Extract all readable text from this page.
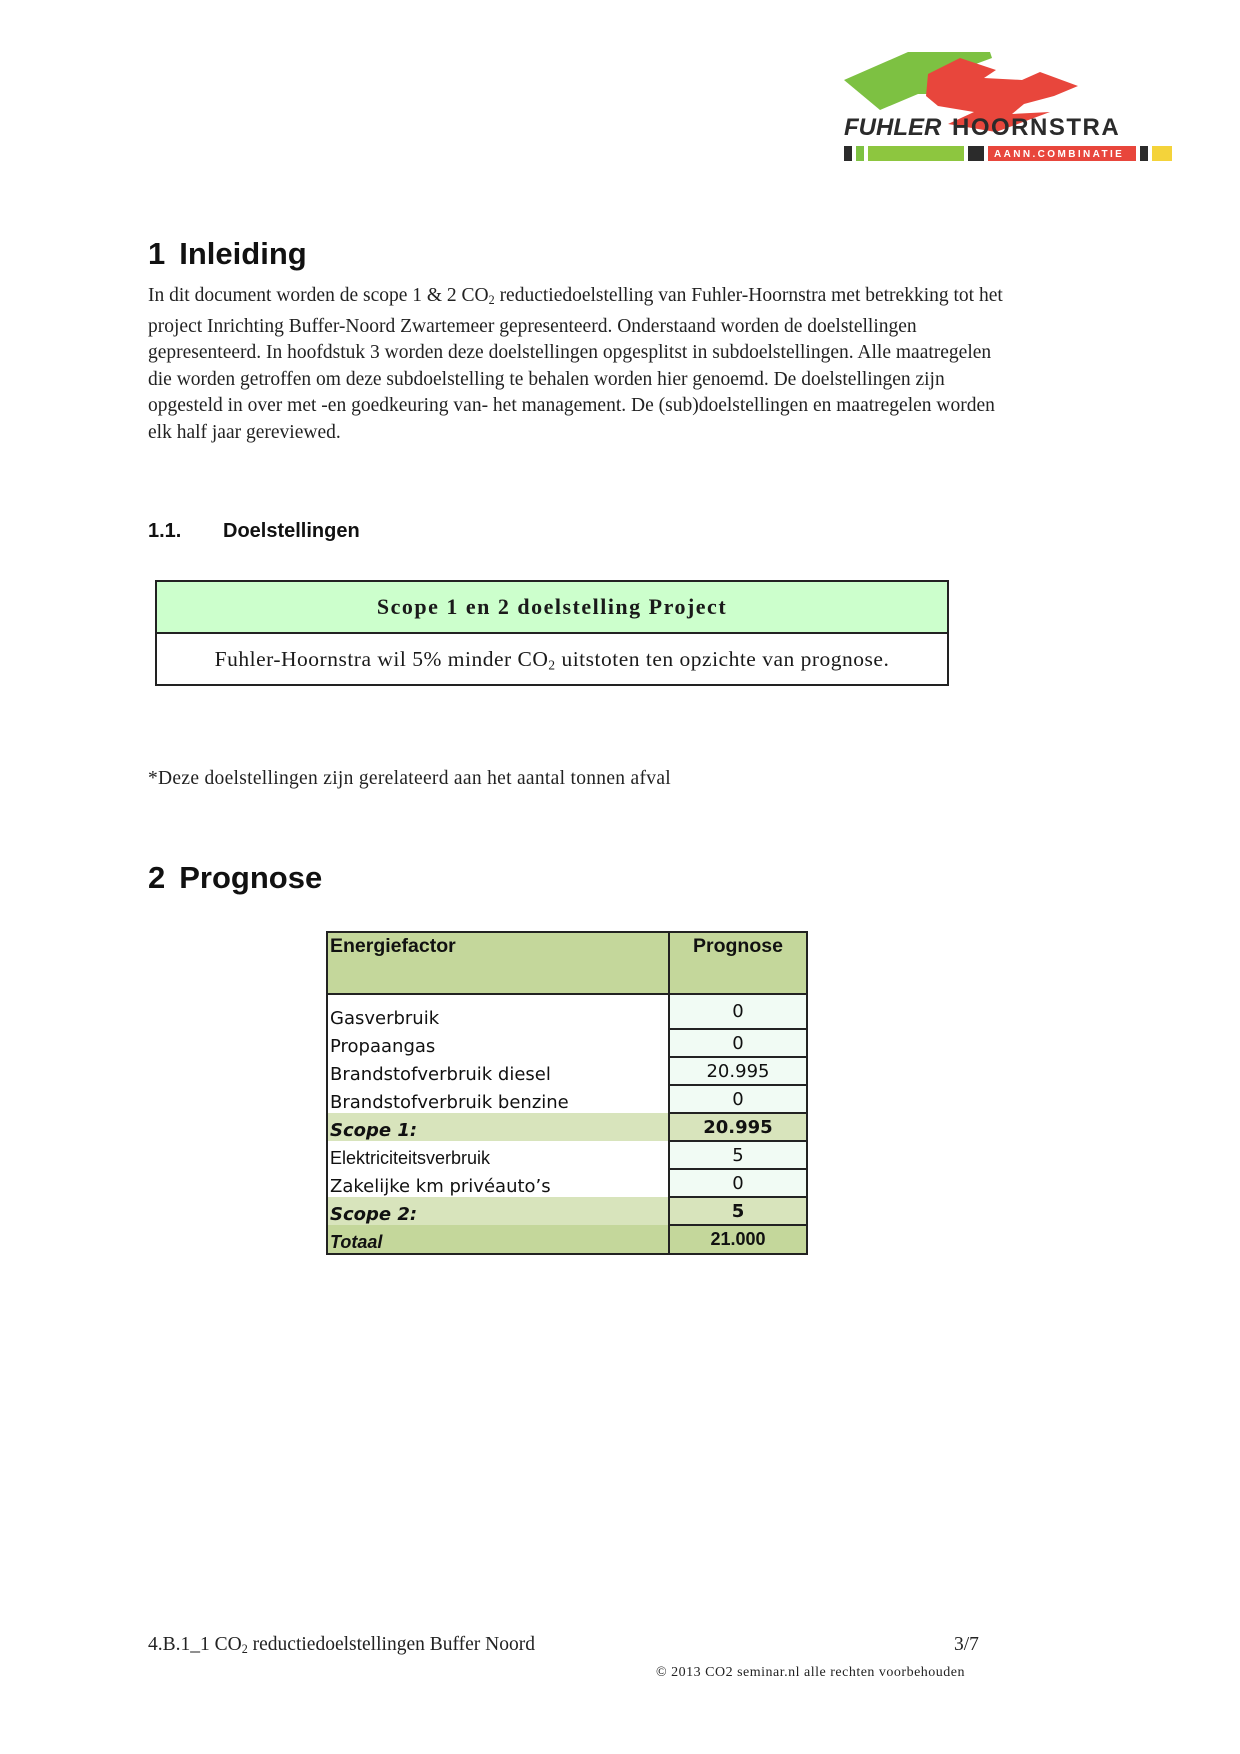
FUHLER HOORNSTRA
AANN.COMBINATIE
1 Inleiding

In dit document worden de scope 1 & 2 $CO_2$ reductiedoelstelling van Fuhler-Hoornstra met betrekking tot het project Inrichting Buffer-Noord Zwartemeer gepresenteerd. Onderstaand worden de doelstellingen gepresenteerd. In hoofdstuk 3 worden deze doelstellingen opgesplitst in subdoelstellingen. Alle maatregelen die worden getroffen om deze subdoelstelling te behalen worden hier genoemd. De doelstellingen zijn opgesteld in over met -en goedkeuring van- het management. De (sub)doelstellingen en maatregelen worden elk half jaar gereviewed.

1.1. Doelstellingen
Scope 1 en 2 doelstelling Project
Fuhler-Hoornstra wil 5% minder $CO_2$ uitstoten ten opzichte van prognose.

*Deze doelstellingen zijn gerelateerd aan het aantal tonnen afval

2 Prognose
Energiefactor	Prognose
Gasverbruik	0
Propaangas	0
Brandstofverbruik diesel	20.995
Brandstofverbruik benzine	0
Scope 1:	20.995
Elektriciteitsverbruik	5
Zakelijke km privéauto’s	0
Scope 2:	5
Totaal	21.000
4.B.1_1 $CO_2$ reductiedoelstellingen Buffer Noord	3/7
© 2013 CO2 seminar.nl alle rechten voorbehouden
